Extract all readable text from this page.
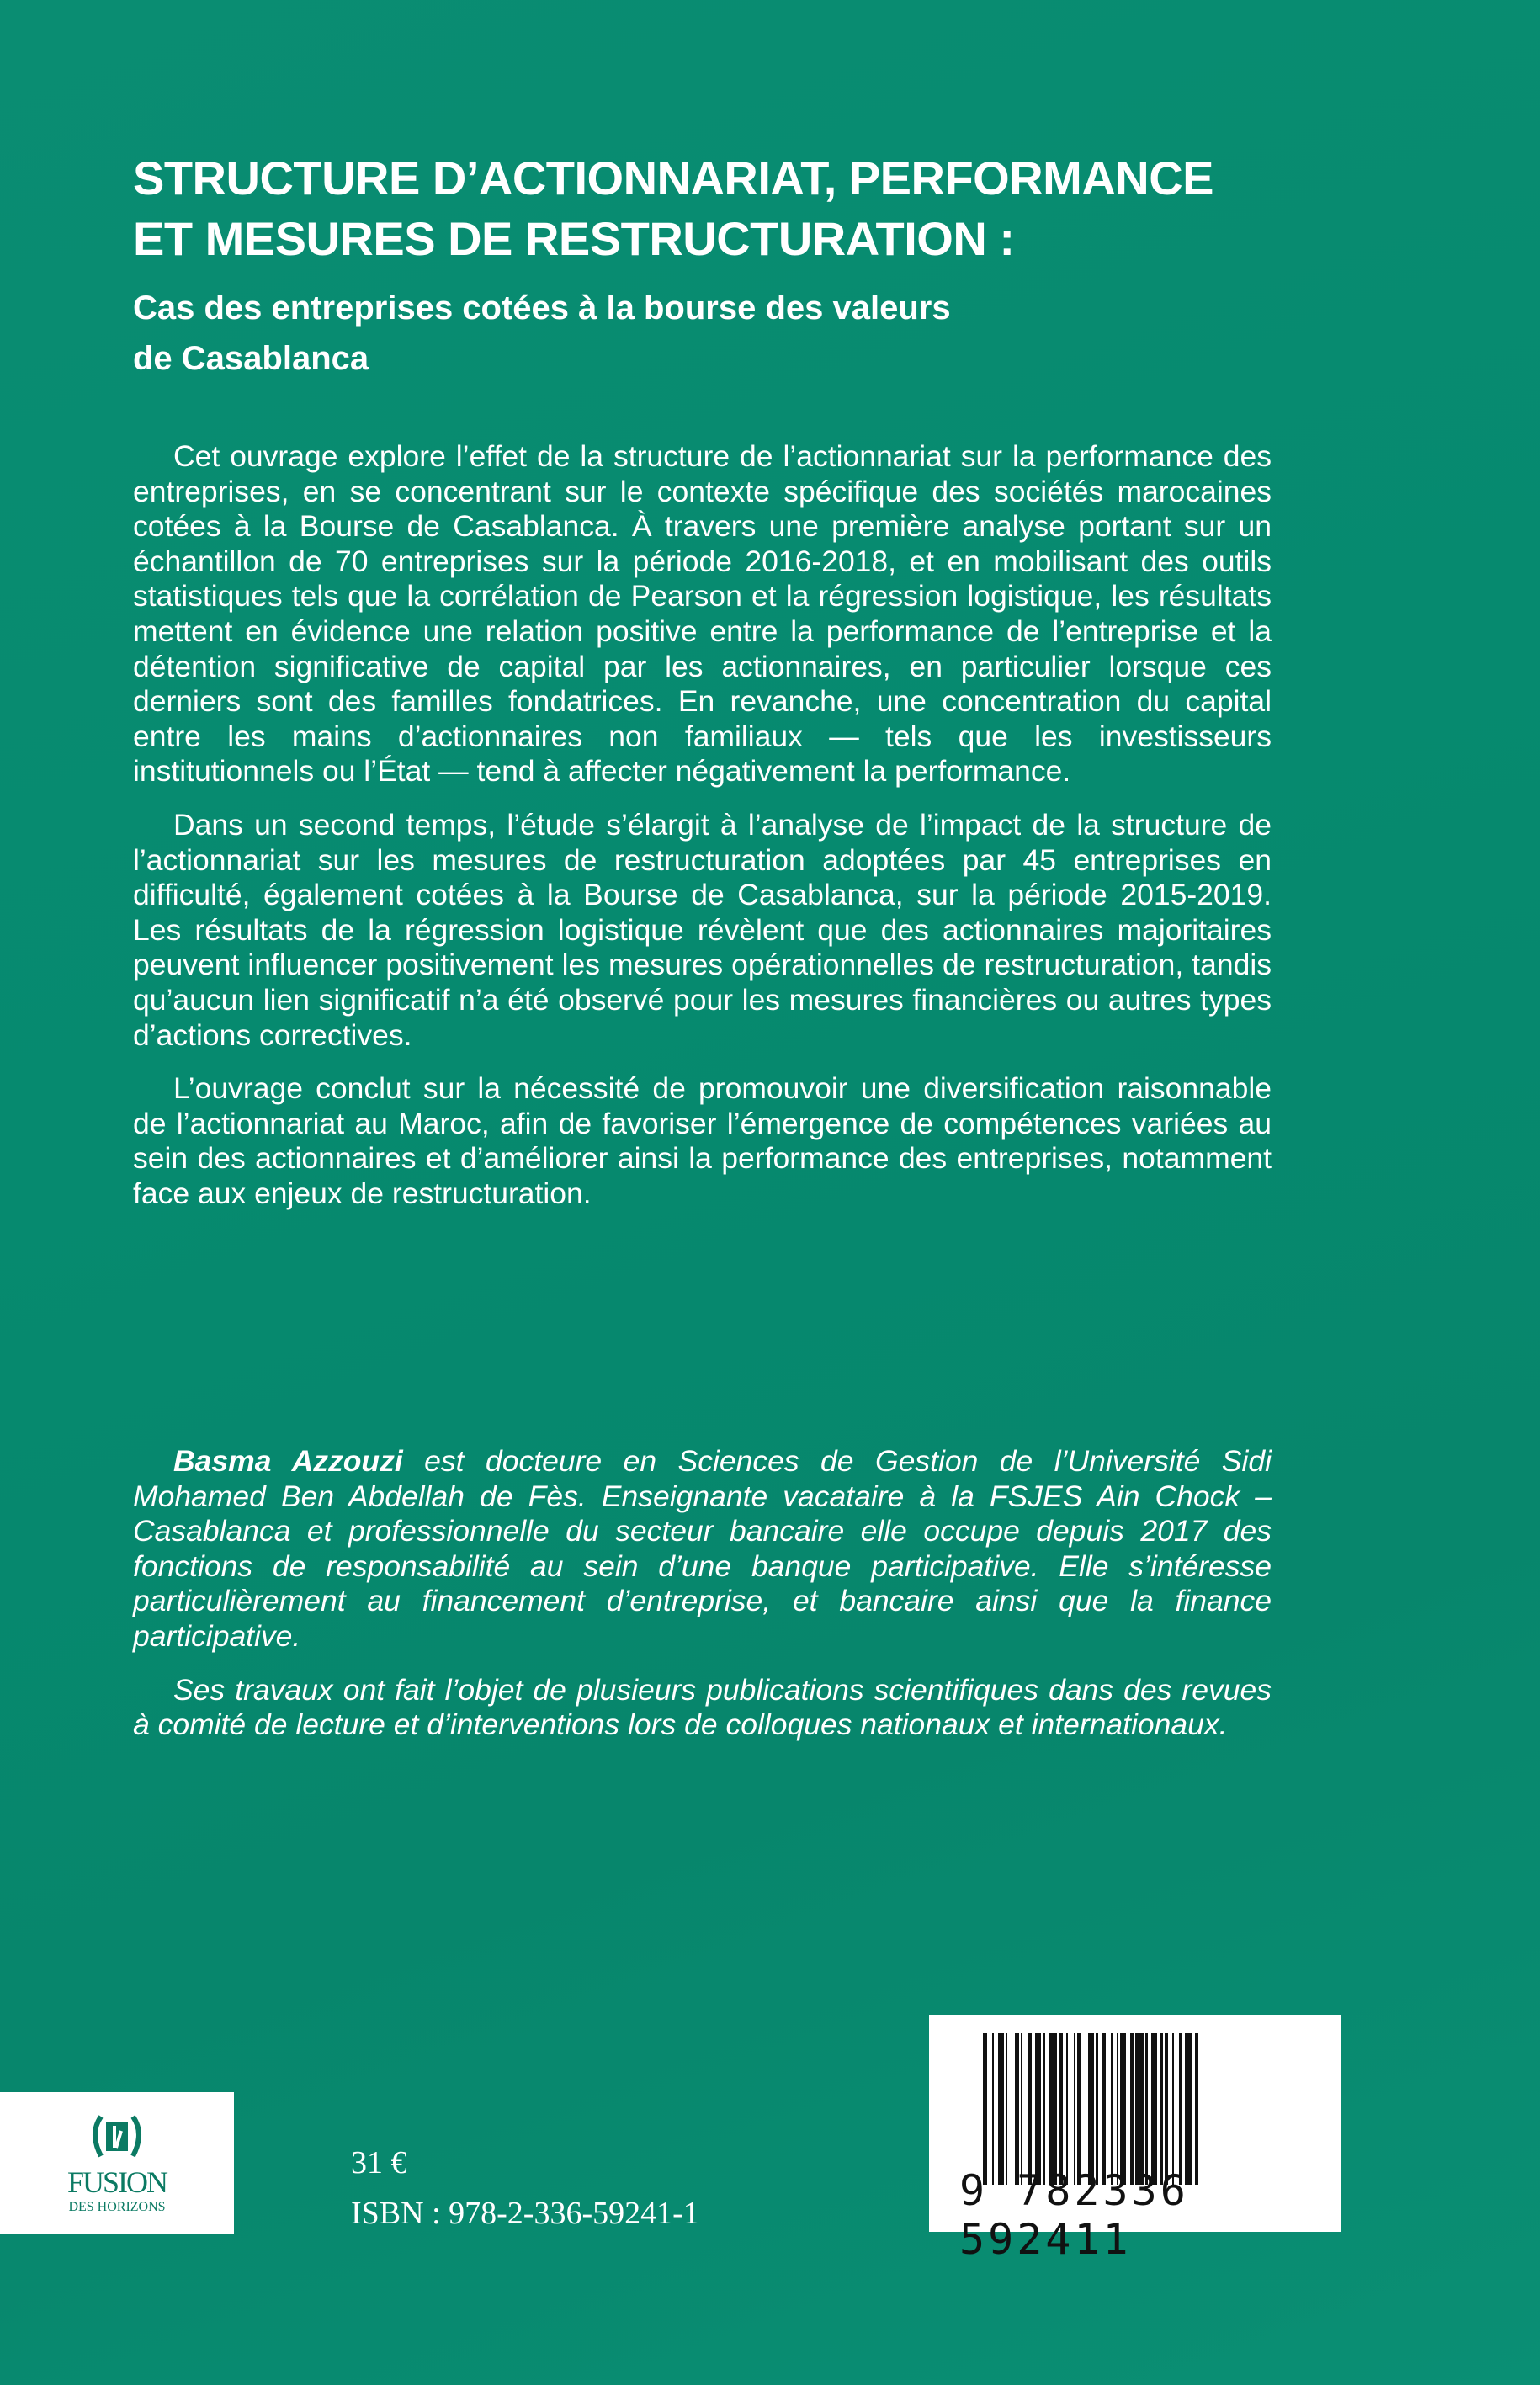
STRUCTURE D’ACTIONNARIAT, PERFORMANCE
ET MESURES DE RESTRUCTURATION :
Cas des entreprises cotées à la bourse des valeurs
de Casablanca

Cet ouvrage explore l’effet de la structure de l’actionnariat sur la performance des entreprises, en se concentrant sur le contexte spécifique des sociétés marocaines cotées à la Bourse de Casablanca. À travers une première analyse portant sur un échantillon de 70 entreprises sur la période 2016-2018, et en mobilisant des outils statistiques tels que la corrélation de Pearson et la régression logistique, les résultats mettent en évidence une relation positive entre la performance de l’entreprise et la détention significative de capital par les actionnaires, en particulier lorsque ces derniers sont des familles fondatrices. En revanche, une concentration du capital entre les mains d’actionnaires non familiaux — tels que les investisseurs institutionnels ou l’État — tend à affecter négativement la performance.

Dans un second temps, l’étude s’élargit à l’analyse de l’impact de la structure de l’actionnariat sur les mesures de restructuration adoptées par 45 entreprises en difficulté, également cotées à la Bourse de Casablanca, sur la période 2015-2019. Les résultats de la régression logistique révèlent que des actionnaires majoritaires peuvent influencer positivement les mesures opérationnelles de restructuration, tandis qu’aucun lien significatif n’a été observé pour les mesures financières ou autres types d’actions correctives.

L’ouvrage conclut sur la nécessité de promouvoir une diversification raisonnable de l’actionnariat au Maroc, afin de favoriser l’émergence de compétences variées au sein des actionnaires et d’améliorer ainsi la performance des entreprises, notamment face aux enjeux de restructuration.

Basma Azzouzi est docteure en Sciences de Gestion de l’Université Sidi Mohamed Ben Abdellah de Fès. Enseignante vacataire à la FSJES Ain Chock – Casablanca et professionnelle du secteur bancaire elle occupe depuis 2017 des fonctions de responsabilité au sein d’une banque participative. Elle s’intéresse particulièrement au financement d’entreprise, et bancaire ainsi que la finance participative.

Ses travaux ont fait l’objet de plusieurs publications scientifiques dans des revues à comité de lecture et d’interventions lors de colloques nationaux et internationaux.

FUSION
DES HORIZONS
31 €
ISBN : 978-2-336-59241-1	9 782336 592411
